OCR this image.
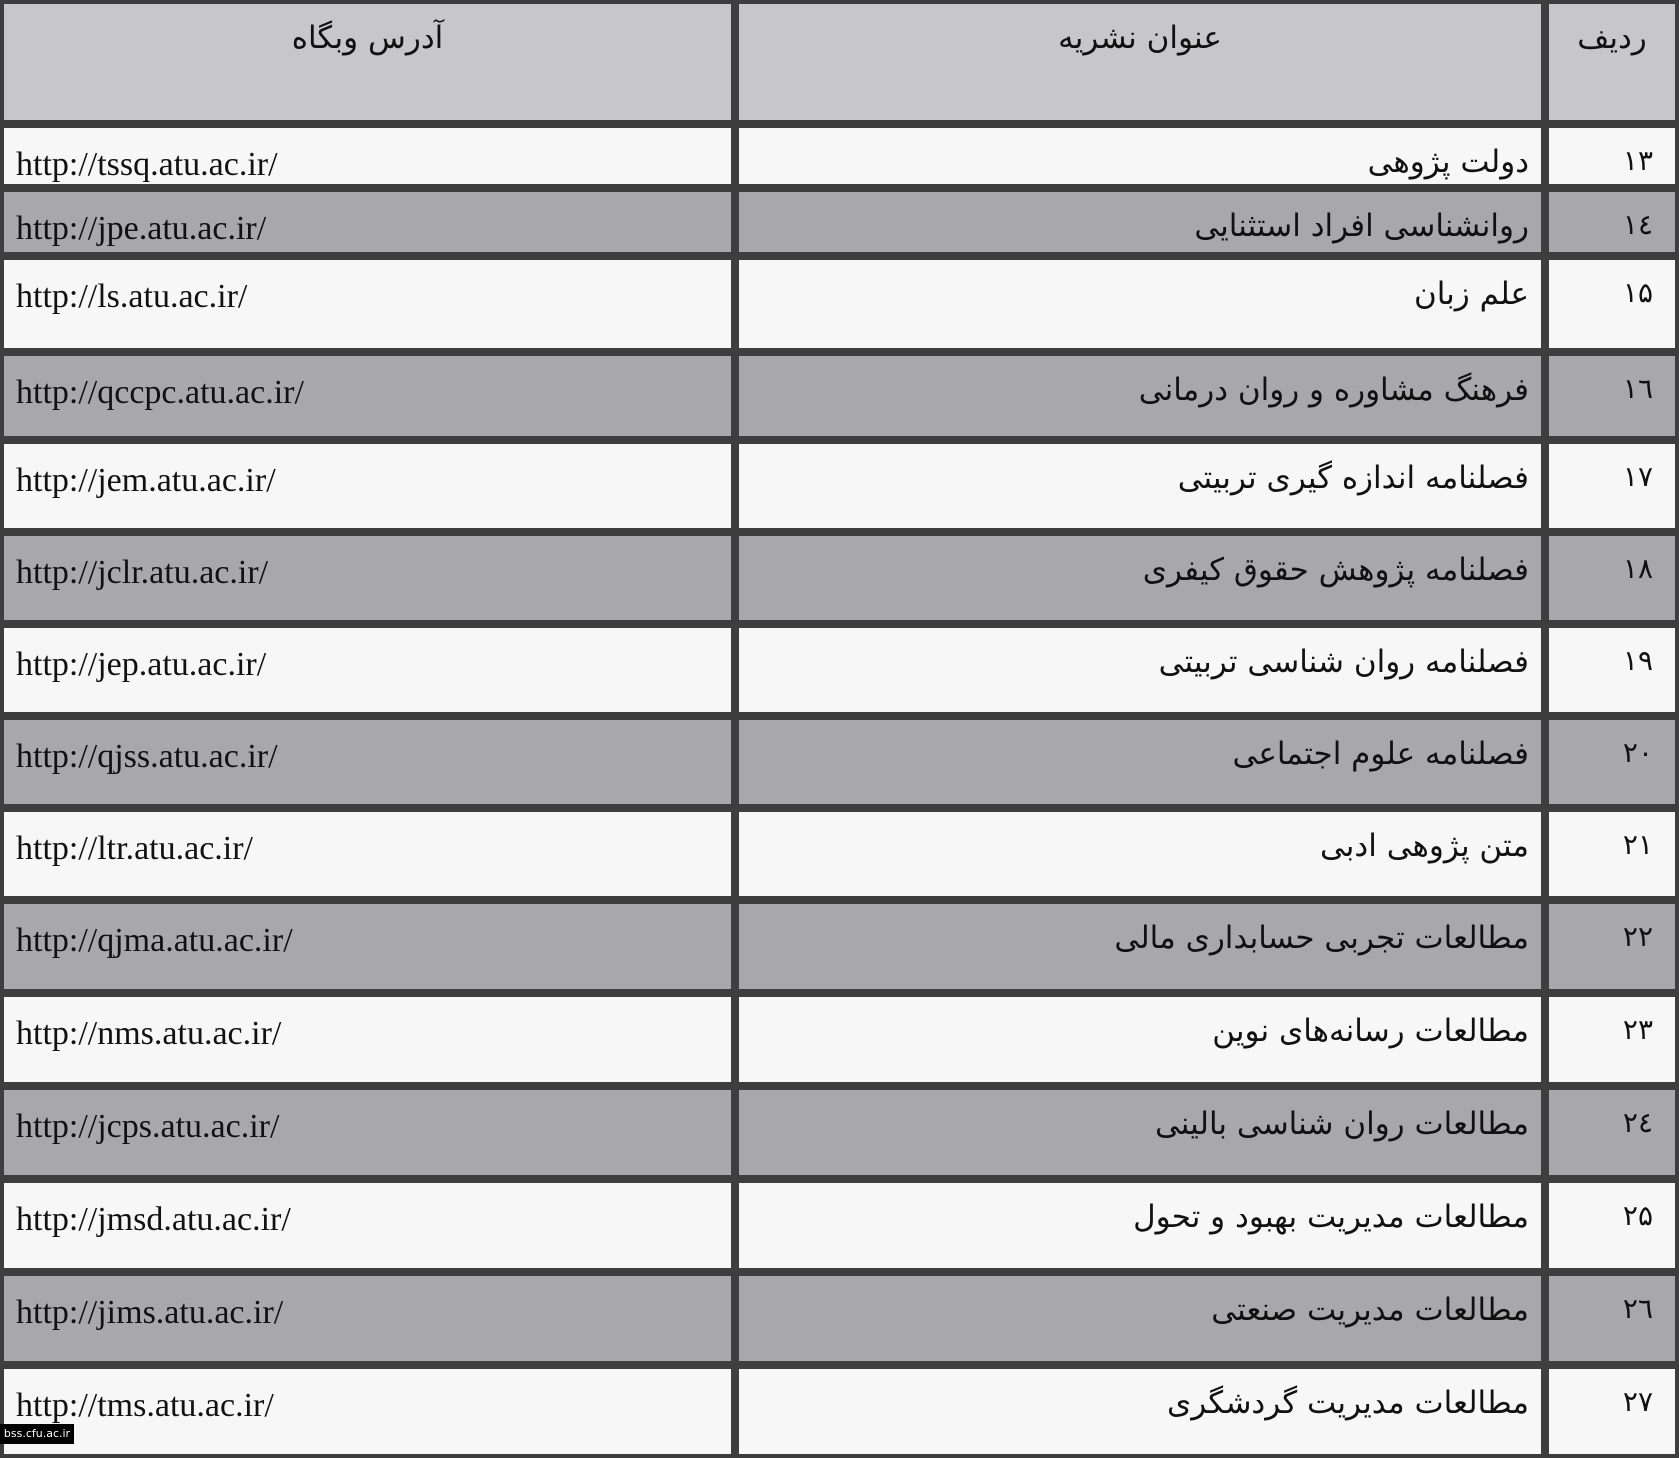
آدرس وبگاه	عنوان نشریه	ردیف
http://tssq.atu.ac.ir/	دولت پژوهی	۱۳
http://jpe.atu.ac.ir/	روانشناسی افراد استثنایی	۱٤
http://ls.atu.ac.ir/	علم زبان	۱۵
http://qccpc.atu.ac.ir/	فرهنگ مشاوره و روان درمانی	۱٦
http://jem.atu.ac.ir/	فصلنامه اندازه گیری تربیتی	۱۷
http://jclr.atu.ac.ir/	فصلنامه پژوهش حقوق کیفری	۱۸
http://jep.atu.ac.ir/	فصلنامه روان شناسی تربیتی	۱۹
http://qjss.atu.ac.ir/	فصلنامه علوم اجتماعی	۲۰
http://ltr.atu.ac.ir/	متن پژوهی ادبی	۲۱
http://qjma.atu.ac.ir/	مطالعات تجربی حسابداری مالی	۲۲
http://nms.atu.ac.ir/	مطالعات رسانه‌های نوین	۲۳
http://jcps.atu.ac.ir/	مطالعات روان شناسی بالینی	۲٤
http://jmsd.atu.ac.ir/	مطالعات مدیریت بهبود و تحول	۲۵
http://jims.atu.ac.ir/	مطالعات مدیریت صنعتی	۲٦
http://tms.atu.ac.ir/	مطالعات مدیریت گردشگری	۲۷
bss.cfu.ac.ir
